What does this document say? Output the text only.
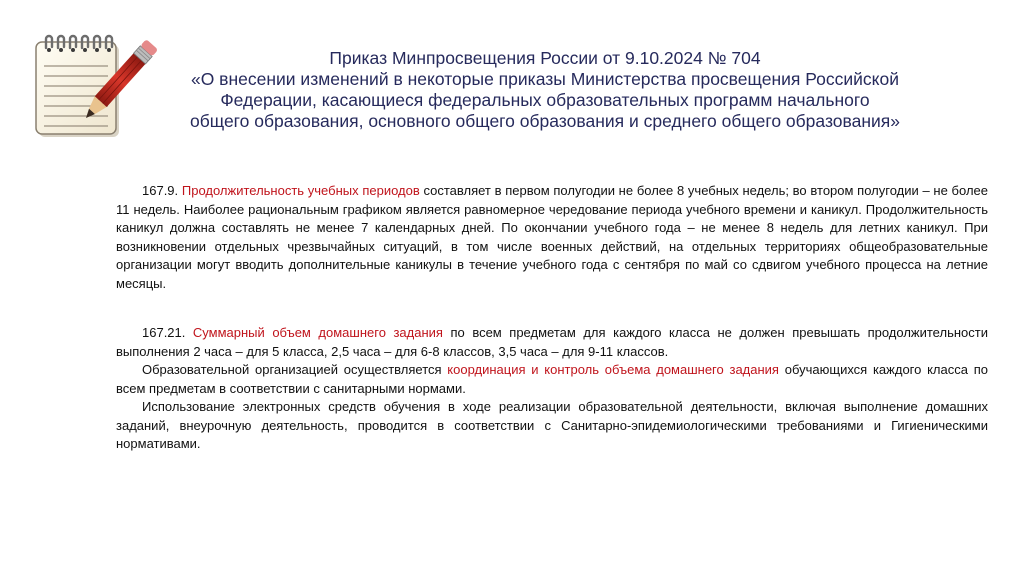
Приказ Минпросвещения России от 9.10.2024 № 704
«О внесении изменений в некоторые приказы Министерства просвещения Российской
Федерации, касающиеся федеральных образовательных программ начального
общего образования, основного общего образования и среднего общего образования»

167.9. Продолжительность учебных периодов составляет в первом полугодии не более 8 учебных недель; во втором полугодии – не более 11 недель. Наиболее рациональным графиком является равномерное чередование периода учебного времени и каникул. Продолжительность каникул должна составлять не менее 7 календарных дней. По окончании учебного года – не менее 8 недель для летних каникул. При возникновении отдельных чрезвычайных ситуаций, в том числе военных действий, на отдельных территориях общеобразовательные организации могут вводить дополнительные каникулы в течение учебного года с сентября по май со сдвигом учебного процесса на летние месяцы.

167.21. Суммарный объем домашнего задания по всем предметам для каждого класса не должен превышать продолжительности выполнения 2 часа – для 5 класса, 2,5 часа – для 6-8 классов, 3,5 часа – для 9-11 классов.

Образовательной организацией осуществляется координация и контроль объема домашнего задания обучающихся каждого класса по всем предметам в соответствии с санитарными нормами.

Использование электронных средств обучения в ходе реализации образовательной деятельности, включая выполнение домашних заданий, внеурочную деятельность, проводится в соответствии с Санитарно-эпидемиологическими требованиями и Гигиеническими нормативами.
